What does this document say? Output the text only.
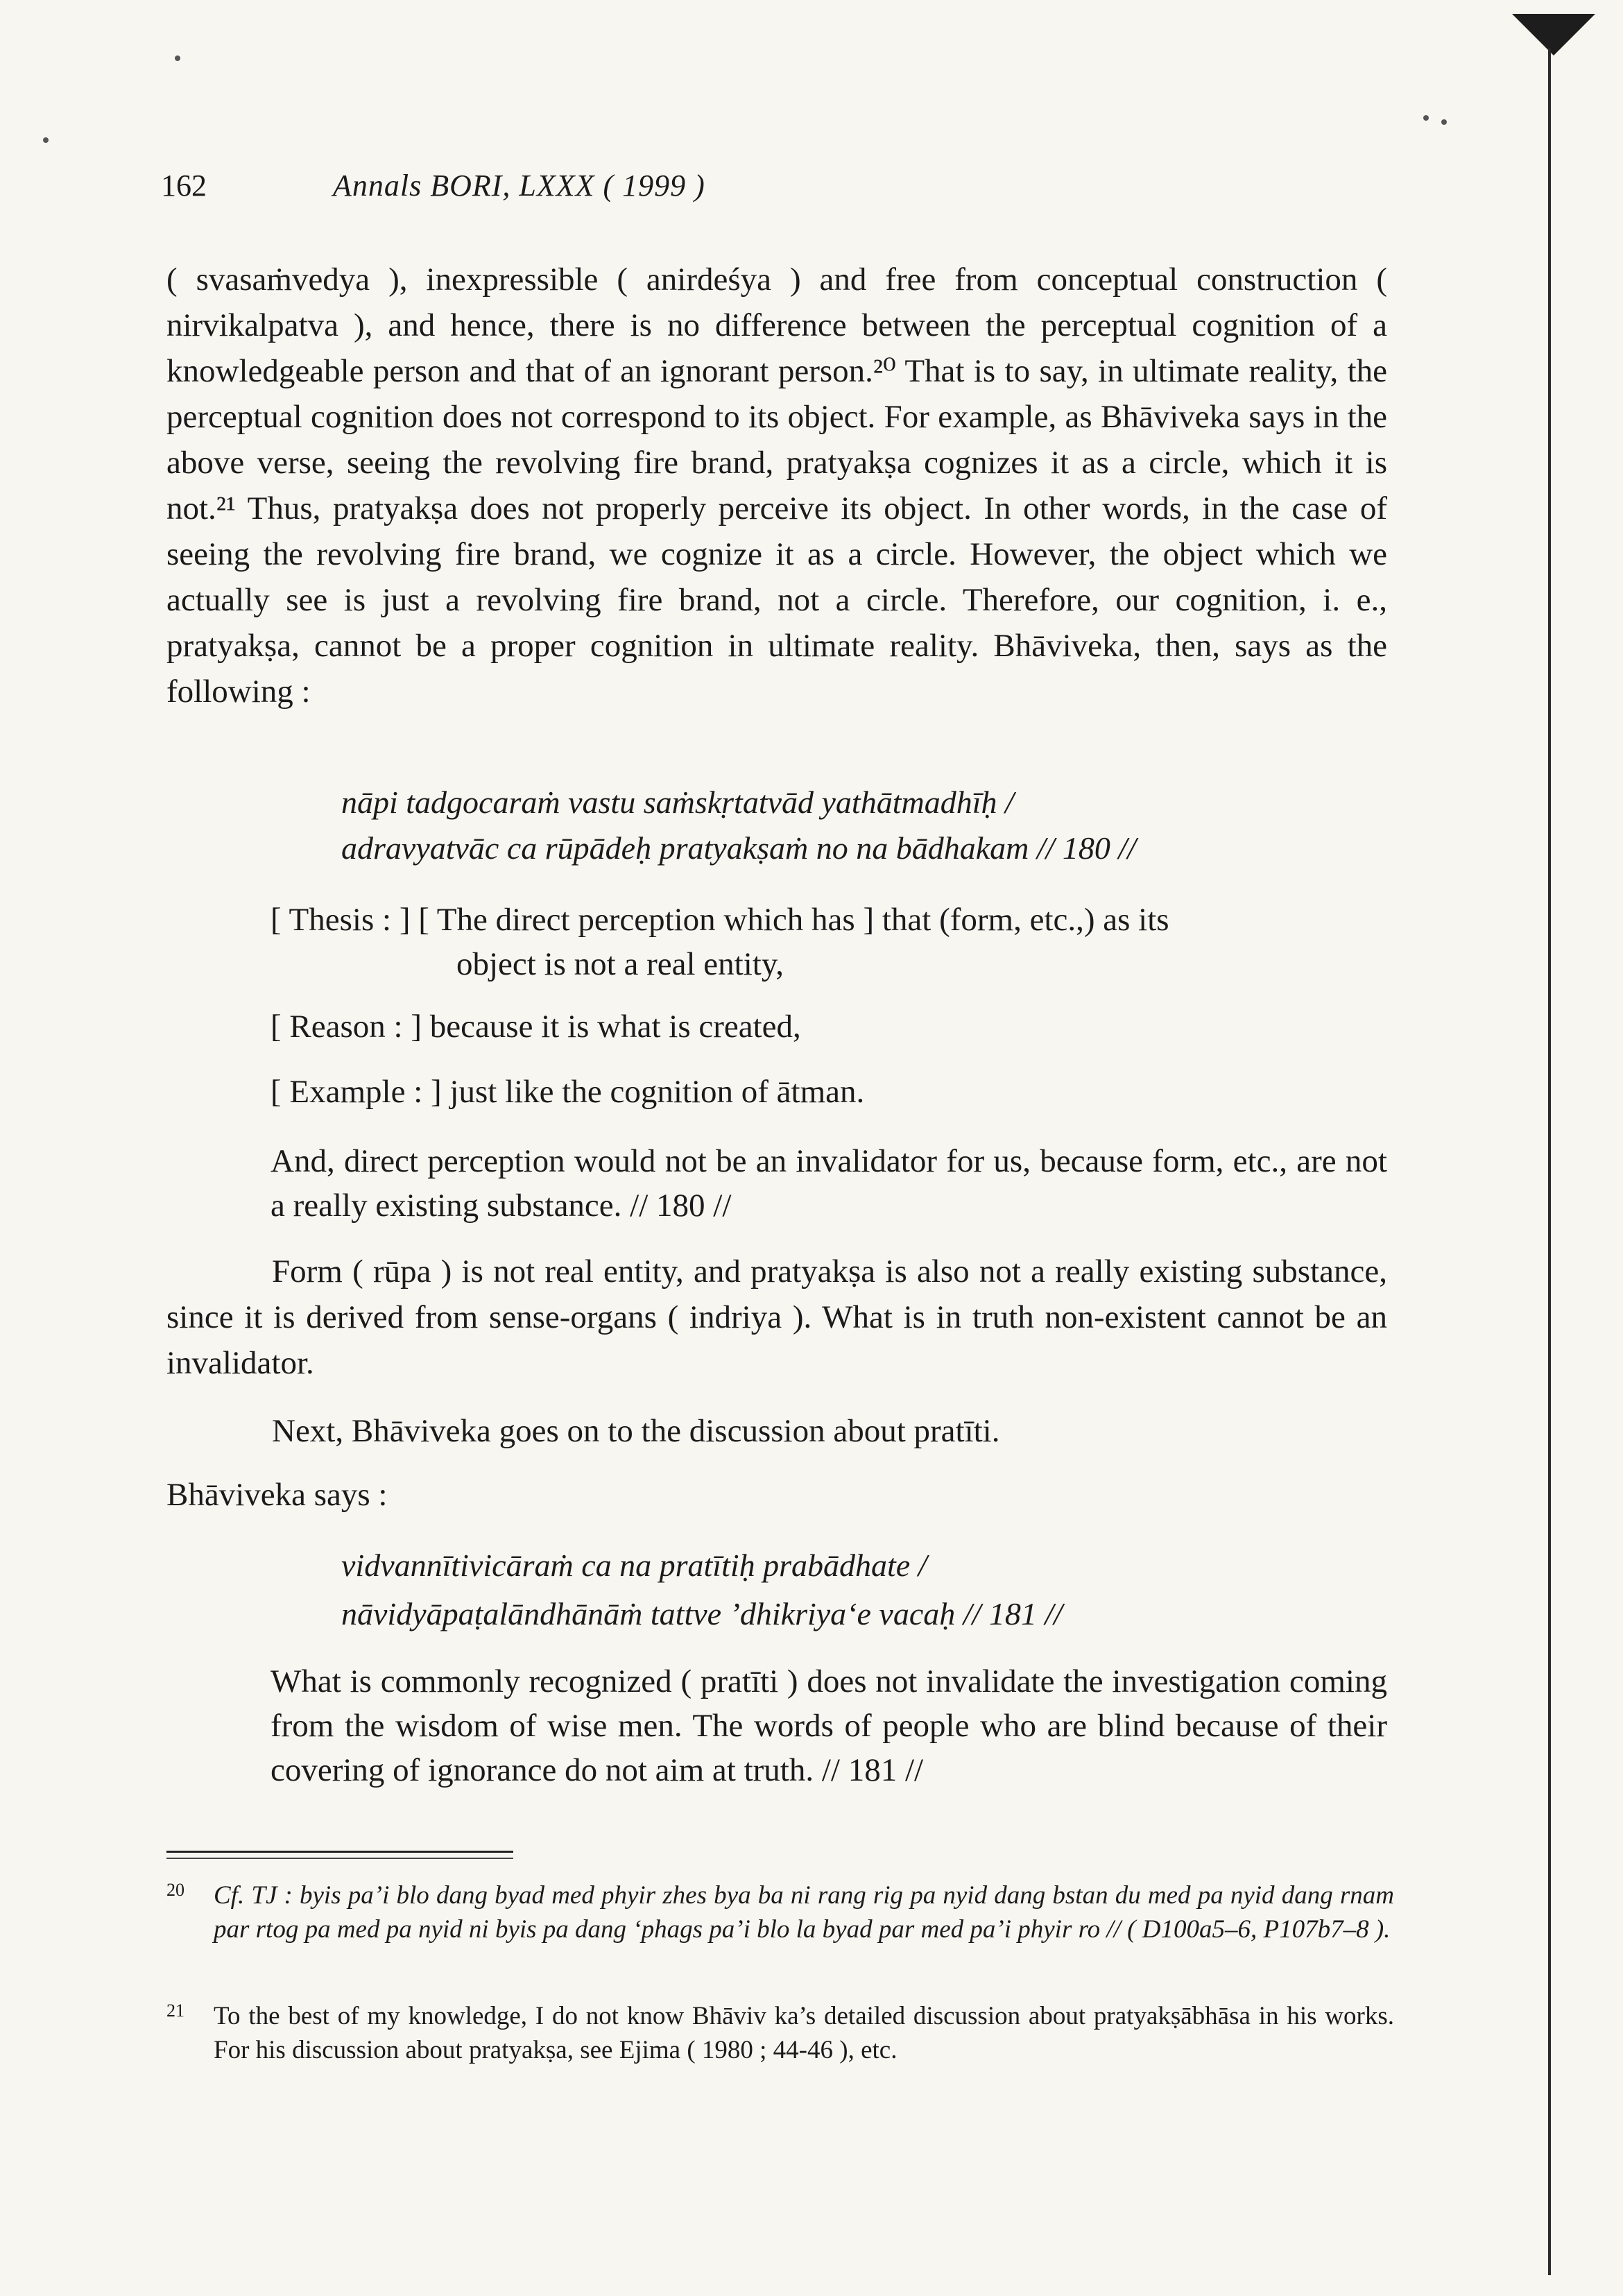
162	Annals BORI, LXXX ( 1999 )

( svasaṁvedya ), inexpressible ( anirdeśya ) and free from conceptual construction ( nirvikalpatva ), and hence, there is no difference between the perceptual cognition of a knowledgeable person and that of an ignorant person.²⁰ That is to say, in ultimate reality, the perceptual cognition does not correspond to its object. For example, as Bhāviveka says in the above verse, seeing the revolving fire brand, pratyakṣa cognizes it as a circle, which it is not.²¹ Thus, pratyakṣa does not properly perceive its object. In other words, in the case of seeing the revolving fire brand, we cognize it as a circle. However, the object which we actually see is just a revolving fire brand, not a circle. Therefore, our cognition, i. e., pratyakṣa, cannot be a proper cognition in ultimate reality. Bhāviveka, then, says as the following :

nāpi tadgocaraṁ vastu saṁskṛtatvād yathātmadhīḥ /

adravyatvāc ca rūpādeḥ pratyakṣaṁ no na bādhakam // 180 //

[ Thesis : ] [ The direct perception which has ] that (form, etc.,) as its
object is not a real entity,

[ Reason : ] because it is what is created,

[ Example : ] just like the cognition of ātman.

And, direct perception would not be an invalidator for us, because form, etc., are not a really existing substance. // 180 //

Form ( rūpa ) is not real entity, and pratyakṣa is also not a really existing substance, since it is derived from sense-organs ( indriya ). What is in truth non-existent cannot be an invalidator.

Next, Bhāviveka goes on to the discussion about pratīti.

Bhāviveka says :

vidvannītivicāraṁ ca na pratītiḥ prabādhate /

nāvidyāpaṭalāndhānāṁ tattve ’dhikriya‘e vacaḥ // 181 //

What is commonly recognized ( pratīti ) does not invalidate the investigation coming from the wisdom of wise men. The words of people who are blind because of their covering of ignorance do not aim at truth. // 181 //

20 Cf. TJ : byis pa’i blo dang byad med phyir zhes bya ba ni rang rig pa nyid dang bstan du med pa nyid dang rnam par rtog pa med pa nyid ni byis pa dang ‘phags pa’i blo la byad par med pa’i phyir ro // ( D100a5–6, P107b7–8 ).
21 To the best of my knowledge, I do not know Bhāviv ka’s detailed discussion about pratyakṣābhāsa in his works. For his discussion about pratyakṣa, see Ejima ( 1980 ; 44-46 ), etc.
